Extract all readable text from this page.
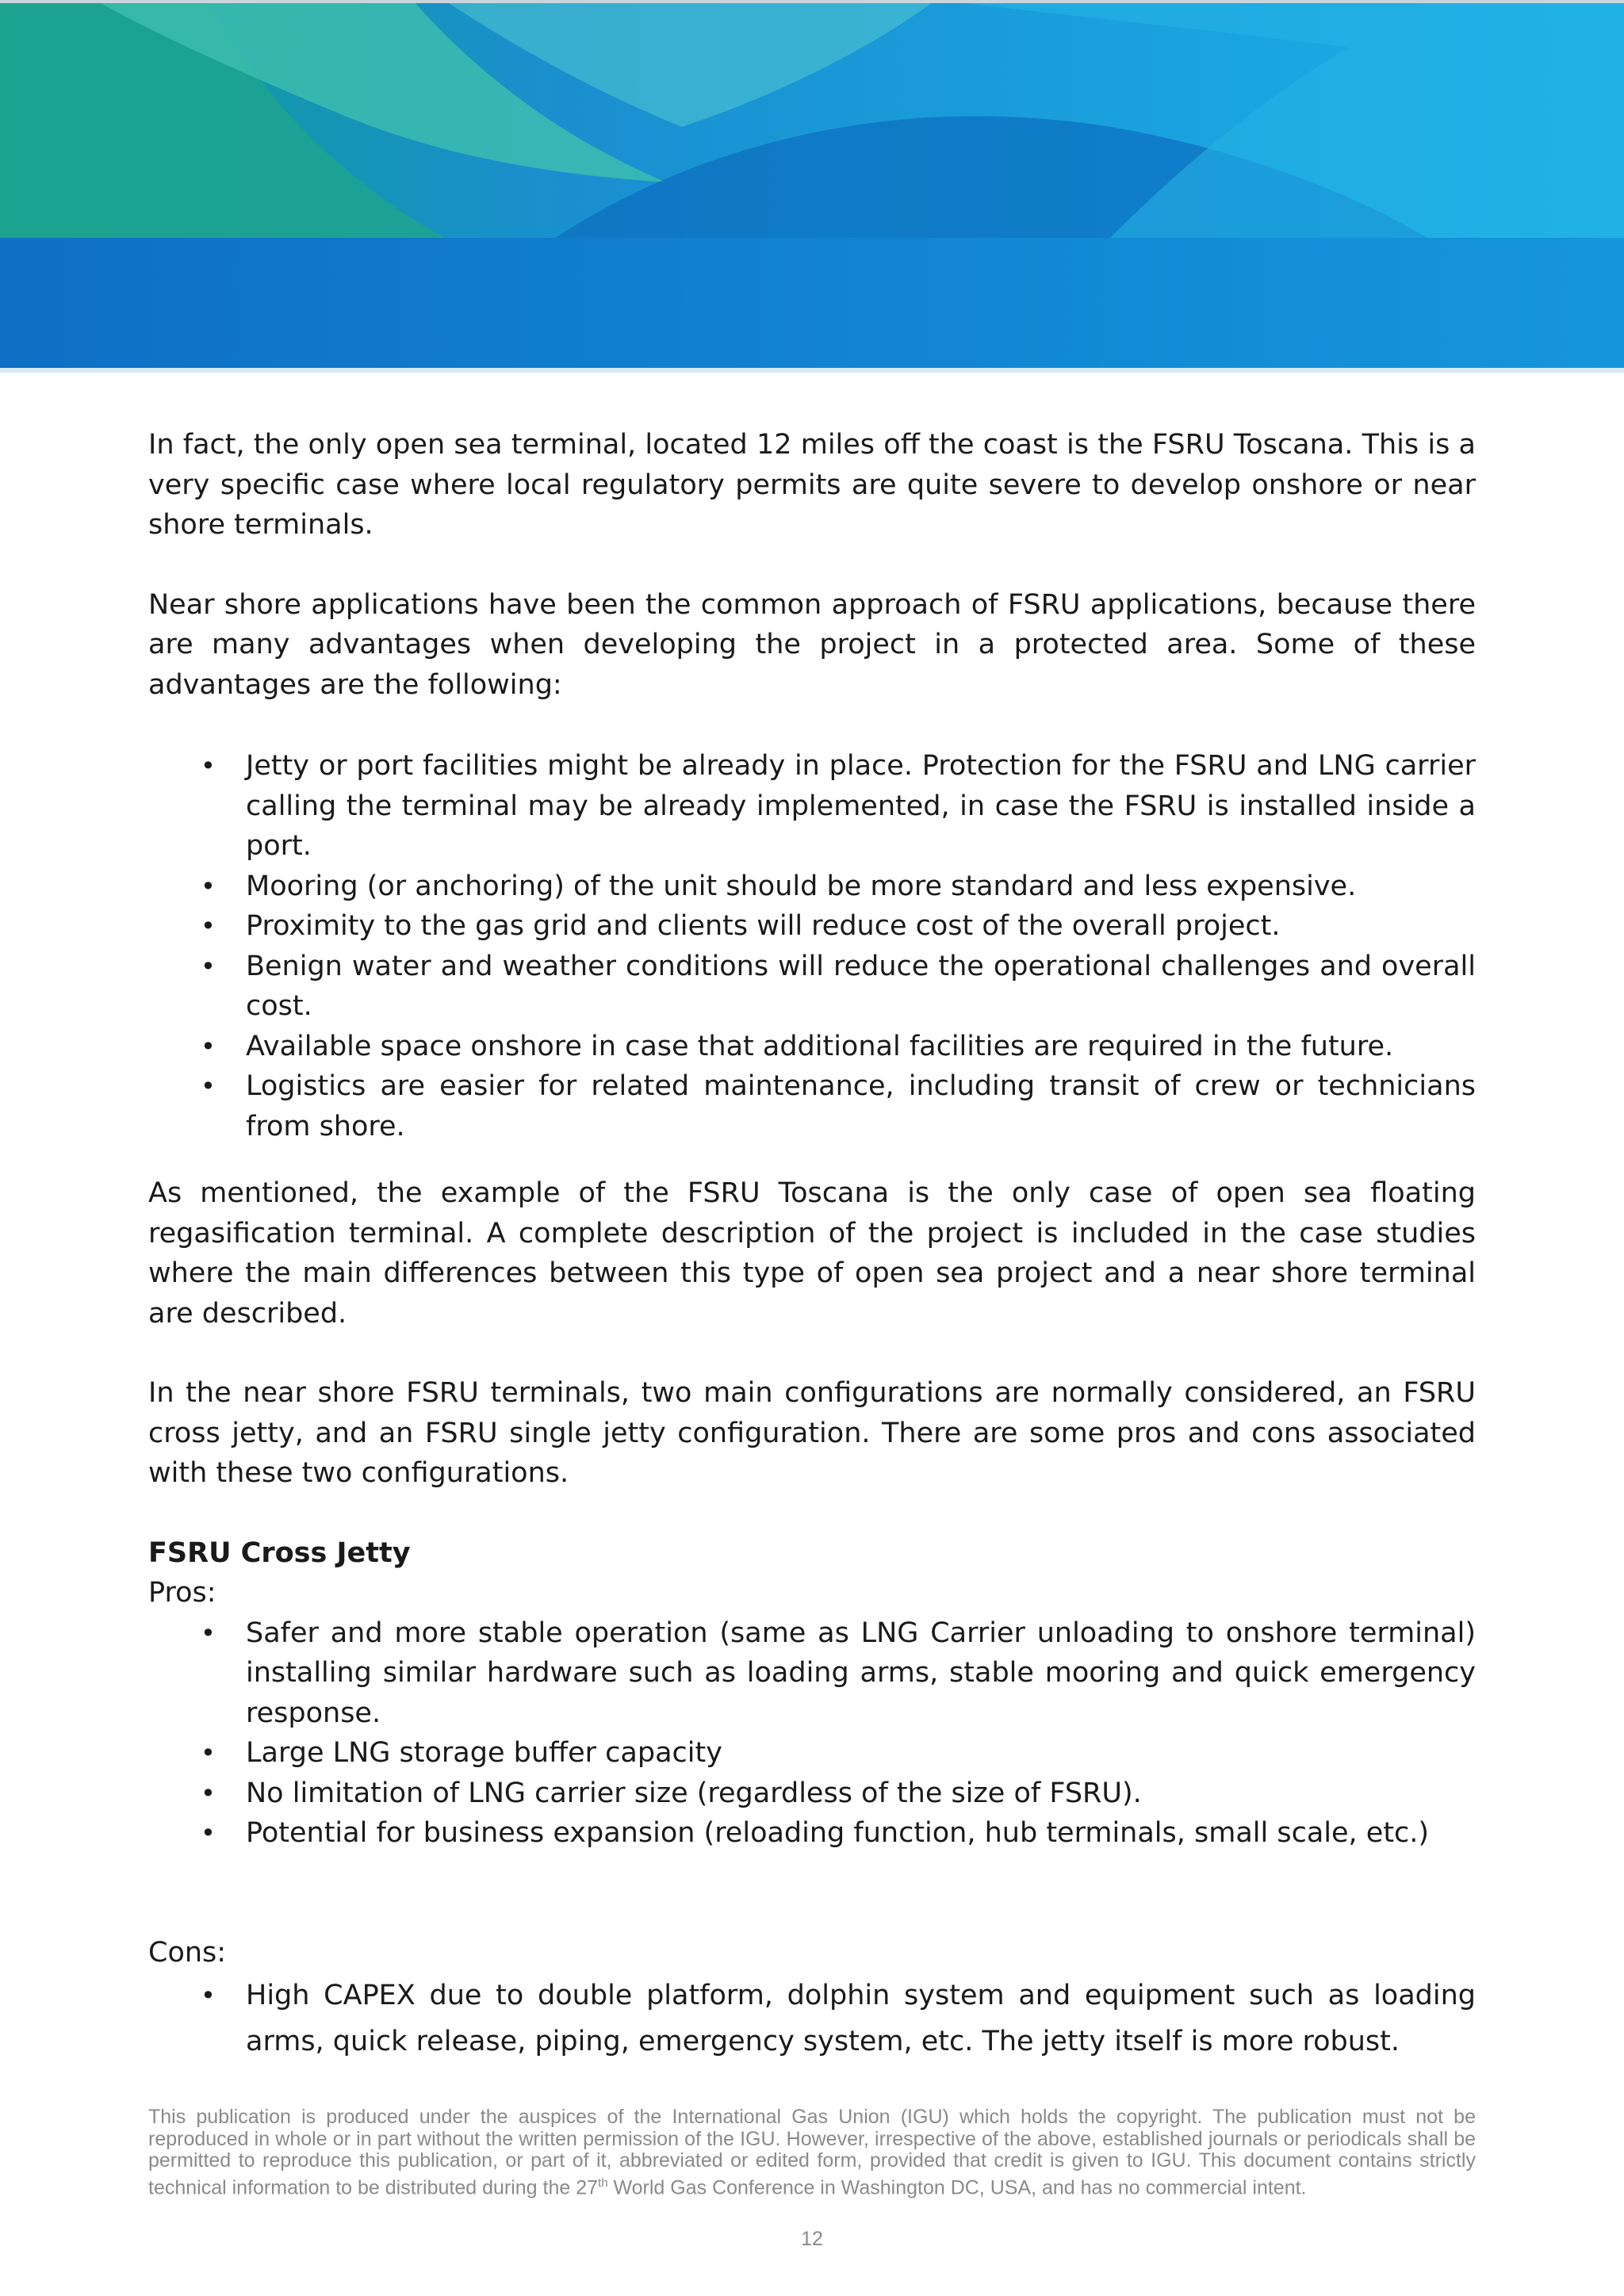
In fact, the only open sea terminal, located 12 miles off the coast is the FSRU Toscana. This is a very specific case where local regulatory permits are quite severe to develop onshore or near shore terminals.

Near shore applications have been the common approach of FSRU applications, because there are many advantages when developing the project in a protected area. Some of these advantages are the following:

• Jetty or port facilities might be already in place. Protection for the FSRU and LNG carrier calling the terminal may be already implemented, in case the FSRU is installed inside a port.
• Mooring (or anchoring) of the unit should be more standard and less expensive.
• Proximity to the gas grid and clients will reduce cost of the overall project.
• Benign water and weather conditions will reduce the operational challenges and overall cost.
• Available space onshore in case that additional facilities are required in the future.
• Logistics are easier for related maintenance, including transit of crew or technicians from shore.

As mentioned, the example of the FSRU Toscana is the only case of open sea floating regasification terminal. A complete description of the project is included in the case studies where the main differences between this type of open sea project and a near shore terminal are described.

In the near shore FSRU terminals, two main configurations are normally considered, an FSRU cross jetty, and an FSRU single jetty configuration. There are some pros and cons associated with these two configurations.

FSRU Cross Jetty

Pros:

• Safer and more stable operation (same as LNG Carrier unloading to onshore terminal) installing similar hardware such as loading arms, stable mooring and quick emergency response.
• Large LNG storage buffer capacity
• No limitation of LNG carrier size (regardless of the size of FSRU).
• Potential for business expansion (reloading function, hub terminals, small scale, etc.)

Cons:

• High CAPEX due to double platform, dolphin system and equipment such as loading arms, quick release, piping, emergency system, etc. The jetty itself is more robust.
This publication is produced under the auspices of the International Gas Union (IGU) which holds the copyright. The publication must not be reproduced in whole or in part without the written permission of the IGU. However, irrespective of the above, established journals or periodicals shall be permitted to reproduce this publication, or part of it, abbreviated or edited form, provided that credit is given to IGU. This document contains strictly technical information to be distributed during the 27th World Gas Conference in Washington DC, USA, and has no commercial intent.
12
